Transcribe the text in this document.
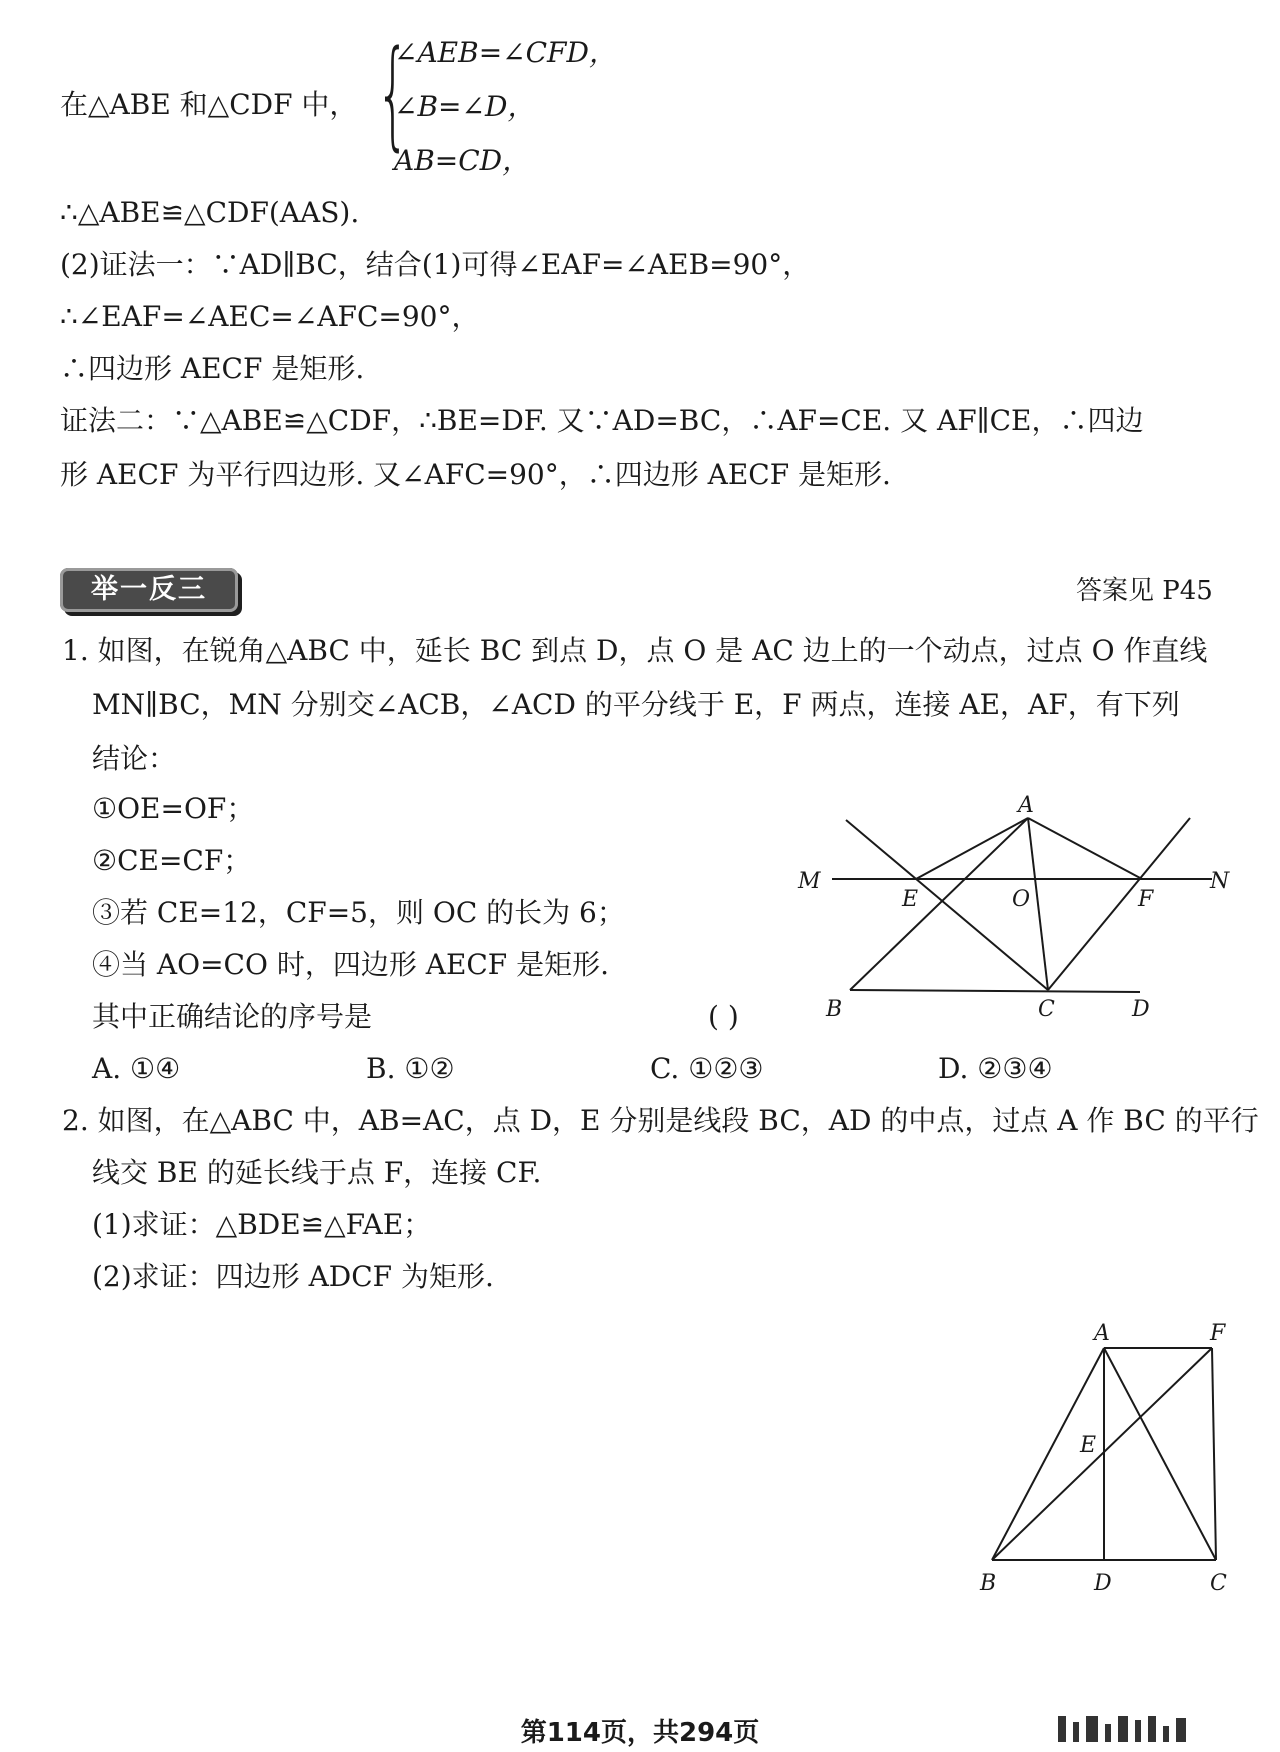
在△ABE 和△CDF 中， {
∠AEB=∠CFD，
∠B=∠D，
AB=CD，
∴△ABE≌△CDF(AAS).
(2)证法一：∵AD∥BC，结合(1)可得∠EAF=∠AEB=90°，
∴∠EAF=∠AEC=∠AFC=90°，
∴四边形 AECF 是矩形.
证法二：∵△ABE≌△CDF，∴BE=DF. 又∵AD=BC，∴AF=CE. 又 AF∥CE，∴四边
形 AECF 为平行四边形. 又∠AFC=90°，∴四边形 AECF 是矩形.
举一反三	答案见 P45
1. 如图，在锐角△ABC 中，延长 BC 到点 D，点 O 是 AC 边上的一个动点，过点 O 作直线
MN∥BC，MN 分别交∠ACB，∠ACD 的平分线于 E，F 两点，连接 AE，AF，有下列
结论：
①OE=OF；
②CE=CF；
③若 CE=12，CF=5，则 OC 的长为 6；
④当 AO=CO 时，四边形 AECF 是矩形.
其中正确结论的序号是	( )
A. ①④	B. ①②	C. ①②③	D. ②③④
A
M	N
E	O	F
B	C	D
2. 如图，在△ABC 中，AB=AC，点 D，E 分别是线段 BC，AD 的中点，过点 A 作 BC 的平行
线交 BE 的延长线于点 F，连接 CF.
(1)求证：△BDE≌△FAE；
(2)求证：四边形 ADCF 为矩形.
A	F
E
B	D	C
第114页，共294页
